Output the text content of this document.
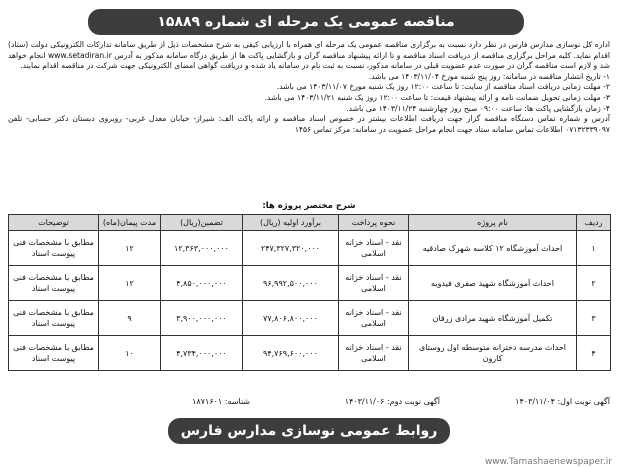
مناقصه عمومی یک مرحله ای شماره ۱۵۸۸۹

اداره کل نوسازی مدارس فارس در نظر دارد نسبت به برگزاری مناقصه عمومی یک مرحله ای همراه با ارزیابی کیفی به شرح مشخصات ذیل از طریق سامانه تدارکات الکترونیکی دولت (ستاد) اقدام نماید. کلیه مراحل برگزاری مناقصه از دریافت اسناد مناقصه و تا ارائه پیشنهاد مناقصه گران و بازگشایی پاکت ها از طریق درگاه سامانه مذکور به آدرس www.setadiran.ir انجام خواهد شد و لازم است مناقصه گران در صورت عدم عضویت قبلی در سامانه مذکور، نسبت به ثبت نام در سامانه یاد شده و دریافت گواهی امضای الکترونیکی جهت شرکت در مناقصه اقدام نمایند.

۱- تاریخ انتشار مناقصه در سامانه: روز پنج شنبه مورخ ۱۴۰۳/۱۱/۰۴ می باشد.

۲- مهلت زمانی دریافت اسناد مناقصه از سایت: تا ساعت ۱۲:۰۰ روز یک شنبه مورخ ۱۴۰۳/۱۱/۰۷ می باشد.

۳- مهلت زمانی تحویل ضمانت نامه و ارائه پیشنهاد قیمت: تا ساعت ۱۲:۰۰ روز یک شنبه ۱۴۰۳/۱۱/۲۱ می باشد.

۴- زمان بازگشایی پاکت ها: ساعت ۰۹:۰۰ صبح روز چهارشنبه ۱۴۰۳/۱۱/۲۴ می باشد.

آدرس و شماره تماس دستگاه مناقصه گزار جهت دریافت اطلاعات بیشتر در خصوص اسناد مناقصه و ارائه پاکت الف: شیراز- خیابان معدل غربی- روبروی دبستان دکتر حسابی- تلفن ۰۷۱۳۲۳۳۹۰۹۷ اطلاعات تماس سامانه ستاد جهت انجام مراحل عضویت در سامانه: مرکز تماس ۱۴۵۶

شرح مختصر پروژه ها:
ردیف	نام پروژه	نحوه پرداخت	برآورد اولیه (ریال)	تضمین(ریال)	مدت پیمان(ماه)	توضیحات
۱	احداث آموزشگاه ۱۲ کلاسه شهرک صادقیه	نقد - اسناد خزانه اسلامی	۲۴۷,۳۲۷,۳۲۰,۰۰۰	۱۲,۳۶۳,۰۰۰,۰۰۰	۱۲	مطابق با مشخصات فنی پیوست اسناد
۲	احداث آموزشگاه شهید صفری فیدویه	نقد - اسناد خزانه اسلامی	۹۶,۹۹۲,۵۰۰,۰۰۰	۴,۸۵۰,۰۰۰,۰۰۰	۱۲	مطابق با مشخصات فنی پیوست اسناد
۳	تکمیل آموزشگاه شهید مرادی زرقان	نقد - اسناد خزانه اسلامی	۷۷,۸۰۶,۸۰۰,۰۰۰	۳,۹۰۰,۰۰۰,۰۰۰	۹	مطابق با مشخصات فنی پیوست اسناد
۴	احداث مدرسه دخترانه متوسطه اول روستای کارون	نقد - اسناد خزانه اسلامی	۹۴,۷۶۹,۶۰۰,۰۰۰	۴,۷۳۴,۰۰۰,۰۰۰	۱۰	مطابق با مشخصات فنی پیوست اسناد
آگهی نوبت اول: ۱۴۰۳/۱۱/۰۴
آگهی نوبت دوم: ۱۴۰۳/۱۱/۰۶
شناسه: ۱۸۷۱۶۰۱
روابط عمومی نوسازی مدارس فارس
www.Tamashaenewspaper.ir
